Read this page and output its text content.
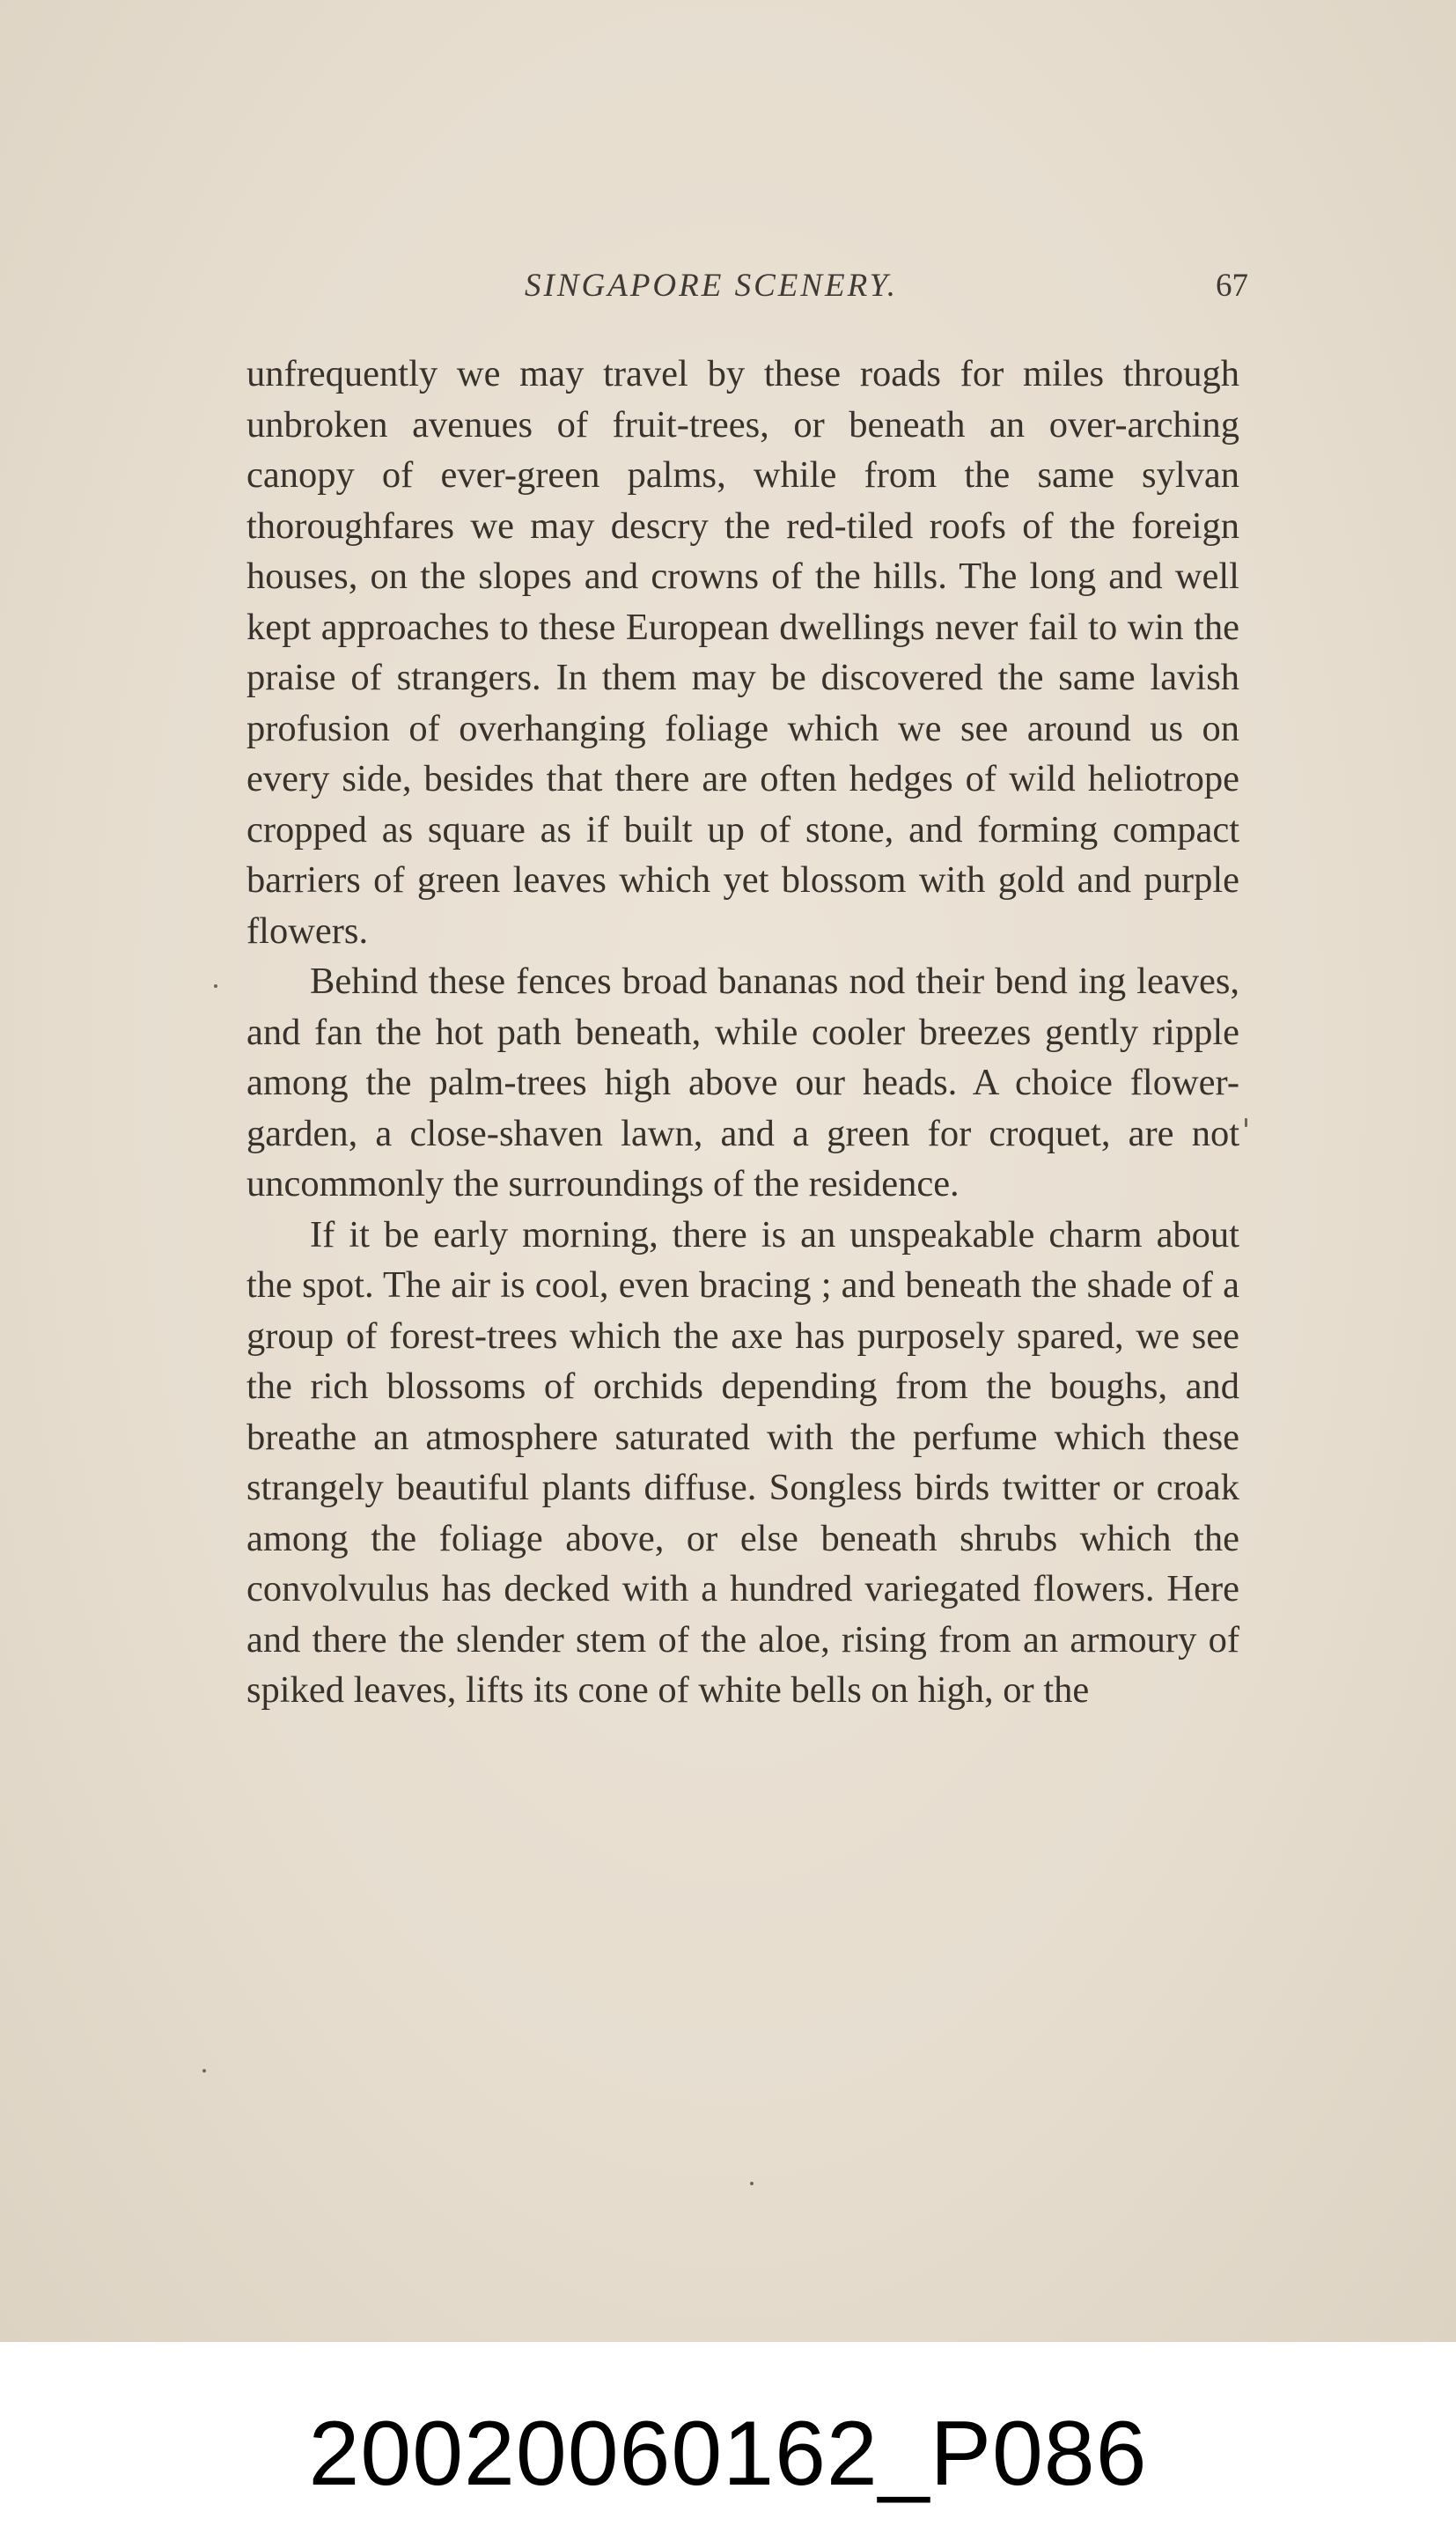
SINGAPORE SCENERY.	67

unfrequently we may travel by these roads for miles through unbroken avenues of fruit-trees, or beneath an over-arching canopy of ever-green palms, while from the same sylvan thoroughfares we may descry the red-tiled roofs of the foreign houses, on the slopes and crowns of the hills. The long and well kept approaches to these European dwellings never fail to win the praise of strangers. In them may be discovered the same lavish profusion of overhanging foliage which we see around us on every side, besides that there are often hedges of wild heliotrope cropped as square as if built up of stone, and forming compact barriers of green leaves which yet blossom with gold and purple flowers.

Behind these fences broad bananas nod their bend ing leaves, and fan the hot path beneath, while cooler breezes gently ripple among the palm-trees high above our heads. A choice flower-garden, a close-shaven lawn, and a green for croquet, are not uncommonly the surroundings of the residence.

If it be early morning, there is an unspeakable charm about the spot. The air is cool, even bracing ; and beneath the shade of a group of forest-trees which the axe has purposely spared, we see the rich blossoms of orchids depending from the boughs, and breathe an atmosphere saturated with the perfume which these strangely beautiful plants diffuse. Songless birds twitter or croak among the foliage above, or else beneath shrubs which the convolvulus has decked with a hundred variegated flowers. Here and there the slender stem of the aloe, rising from an armoury of spiked leaves, lifts its cone of white bells on high, or the

20020060162_P086
